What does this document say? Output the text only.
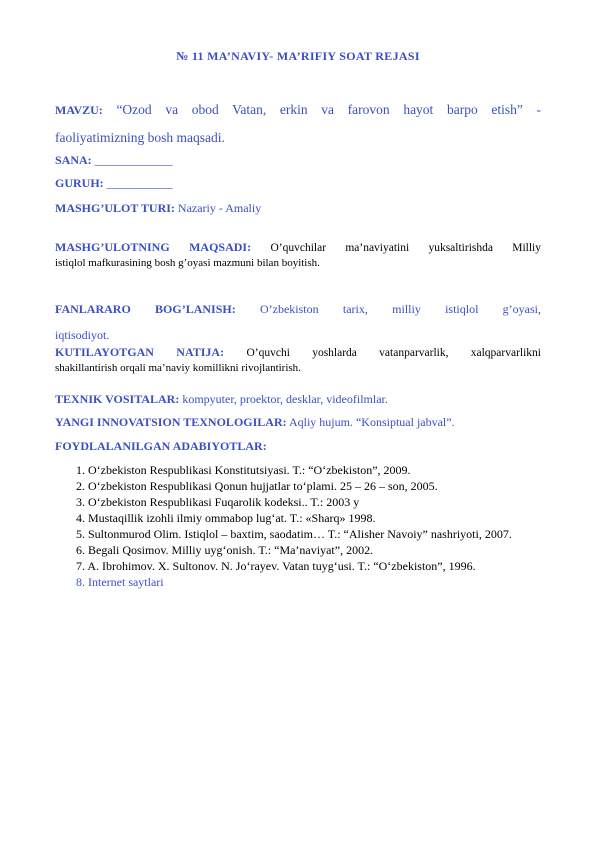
№ 11 MA’NAVIY- MA’RIFIY SOAT REJASI
MAVZU: “Ozod va obod Vatan, erkin va farovon hayot barpo etish” -
faoliyatimizning bosh maqsadi.
SANA: _____________
GURUH: ___________
MASHG’ULOT TURI: Nazariy - Amaliy
MASHG’ULOTNING MAQSADI: O’quvchilar ma’naviyatini yuksaltirishda Milliy
istiqlol mafkurasining bosh g’oyasi mazmuni bilan boyitish.
FANLARARO BOG’LANISH: O’zbekiston tarix, milliy istiqlol g’oyasi,
iqtisodiyot.
KUTILAYOTGAN NATIJA: O’quvchi yoshlarda vatanparvarlik, xalqparvarlikni
shakillantirish orqali ma’naviy komillikni rivojlantirish.
TEXNIK VOSITALAR: kompyuter, proektor, desklar, videofilmlar.
YANGI INNOVATSION TEXNOLOGILAR: Aqliy hujum. “Konsiptual jabval”.
FOYDLALANILGAN ADABIYOTLAR:
1. O‘zbekiston Respublikasi Konstitutsiyasi. T.: “O‘zbekiston”, 2009.
2. O‘zbekiston Respublikasi Qonun hujjatlar to‘plami. 25 – 26 – son, 2005.
3. O‘zbekiston Respublikasi Fuqarolik kodeksi.. T.: 2003 y
4. Mustaqillik izohli ilmiy ommabop lug‘at. T.: «Sharq» 1998.
5. Sultonmurod Olim. Istiqlol – baxtim, saodatim… T.: “Alisher Navoiy” nashriyoti, 2007.
6. Begali Qosimov. Milliy uyg‘onish. T.: “Ma’naviyat”, 2002.
7. A. Ibrohimov. X. Sultonov. N. Jo‘rayev. Vatan tuyg‘usi. T.: “O‘zbekiston”, 1996.
8. Internet saytlari
